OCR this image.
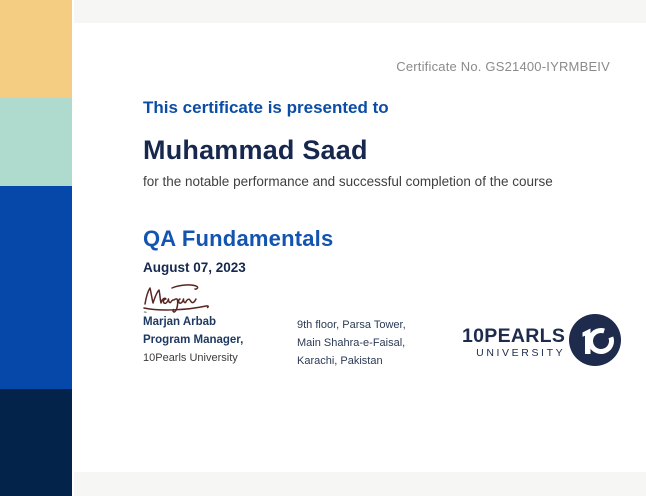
Certificate No. GS21400-IYRMBEIV
This certificate is presented to
Muhammad Saad
for the notable performance and successful completion of the course
QA Fundamentals
August 07, 2023
Marjan Arbab
Program Manager,
10Pearls University
9th floor, Parsa Tower,
Main Shahra-e-Faisal,
Karachi, Pakistan
10PEARLS
UNIVERSITY
